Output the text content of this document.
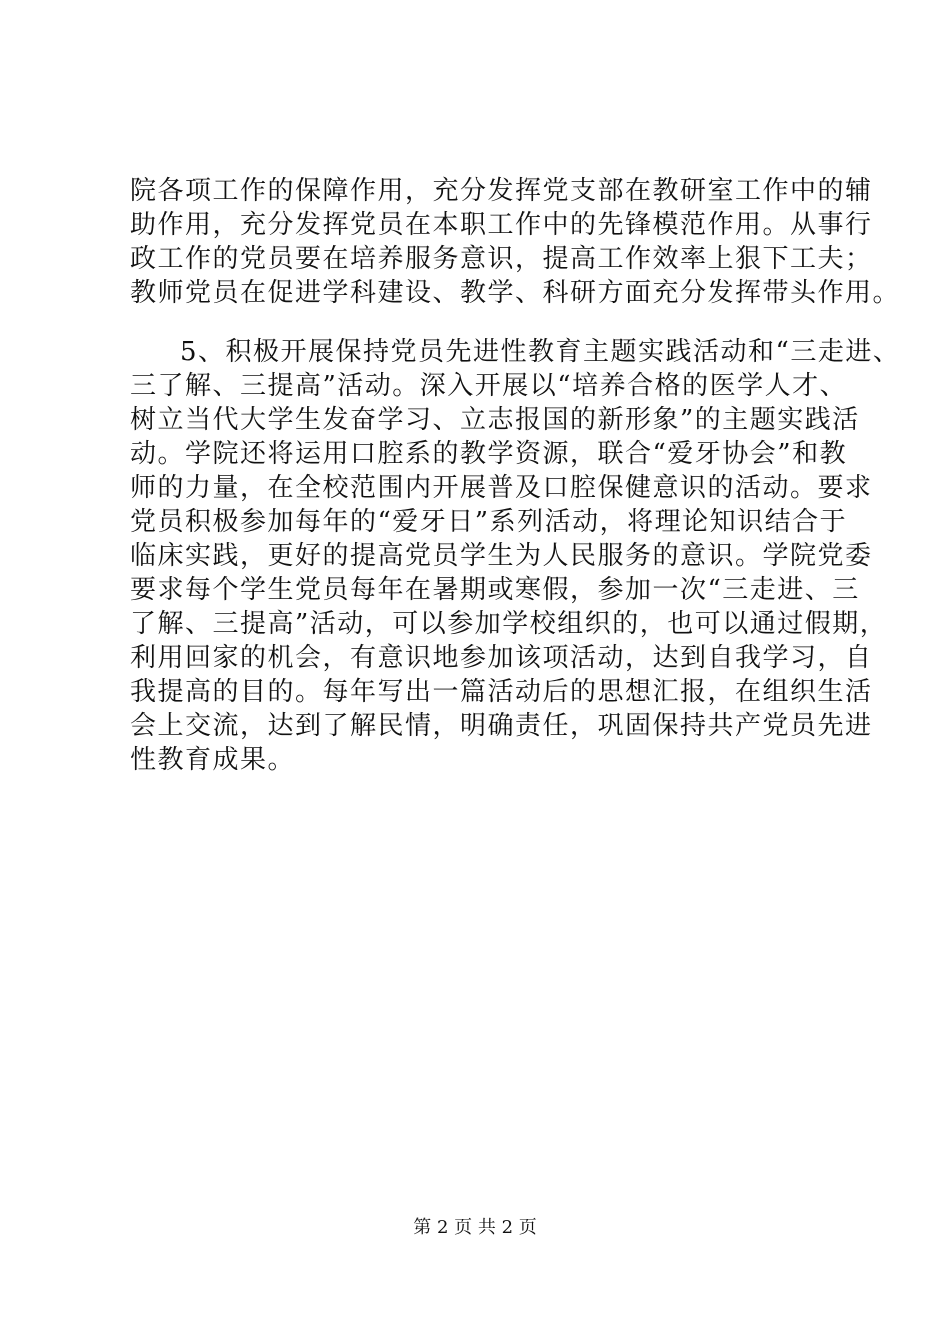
院各项工作的保障作用，充分发挥党支部在教研室工作中的辅
助作用，充分发挥党员在本职工作中的先锋模范作用。从事行
政工作的党员要在培养服务意识，提高工作效率上狠下工夫；
教师党员在促进学科建设、教学、科研方面充分发挥带头作用。
5、积极开展保持党员先进性教育主题实践活动和“三走进、
三了解、三提高”活动。深入开展以“培养合格的医学人才、
树立当代大学生发奋学习、立志报国的新形象”的主题实践活
动。学院还将运用口腔系的教学资源，联合“爱牙协会”和教
师的力量，在全校范围内开展普及口腔保健意识的活动。要求
党员积极参加每年的“爱牙日”系列活动，将理论知识结合于
临床实践，更好的提高党员学生为人民服务的意识。学院党委
要求每个学生党员每年在暑期或寒假，参加一次“三走进、三
了解、三提高”活动，可以参加学校组织的，也可以通过假期，
利用回家的机会，有意识地参加该项活动，达到自我学习，自
我提高的目的。每年写出一篇活动后的思想汇报，在组织生活
会上交流，达到了解民情，明确责任，巩固保持共产党员先进
性教育成果。
第 2 页 共 2 页
